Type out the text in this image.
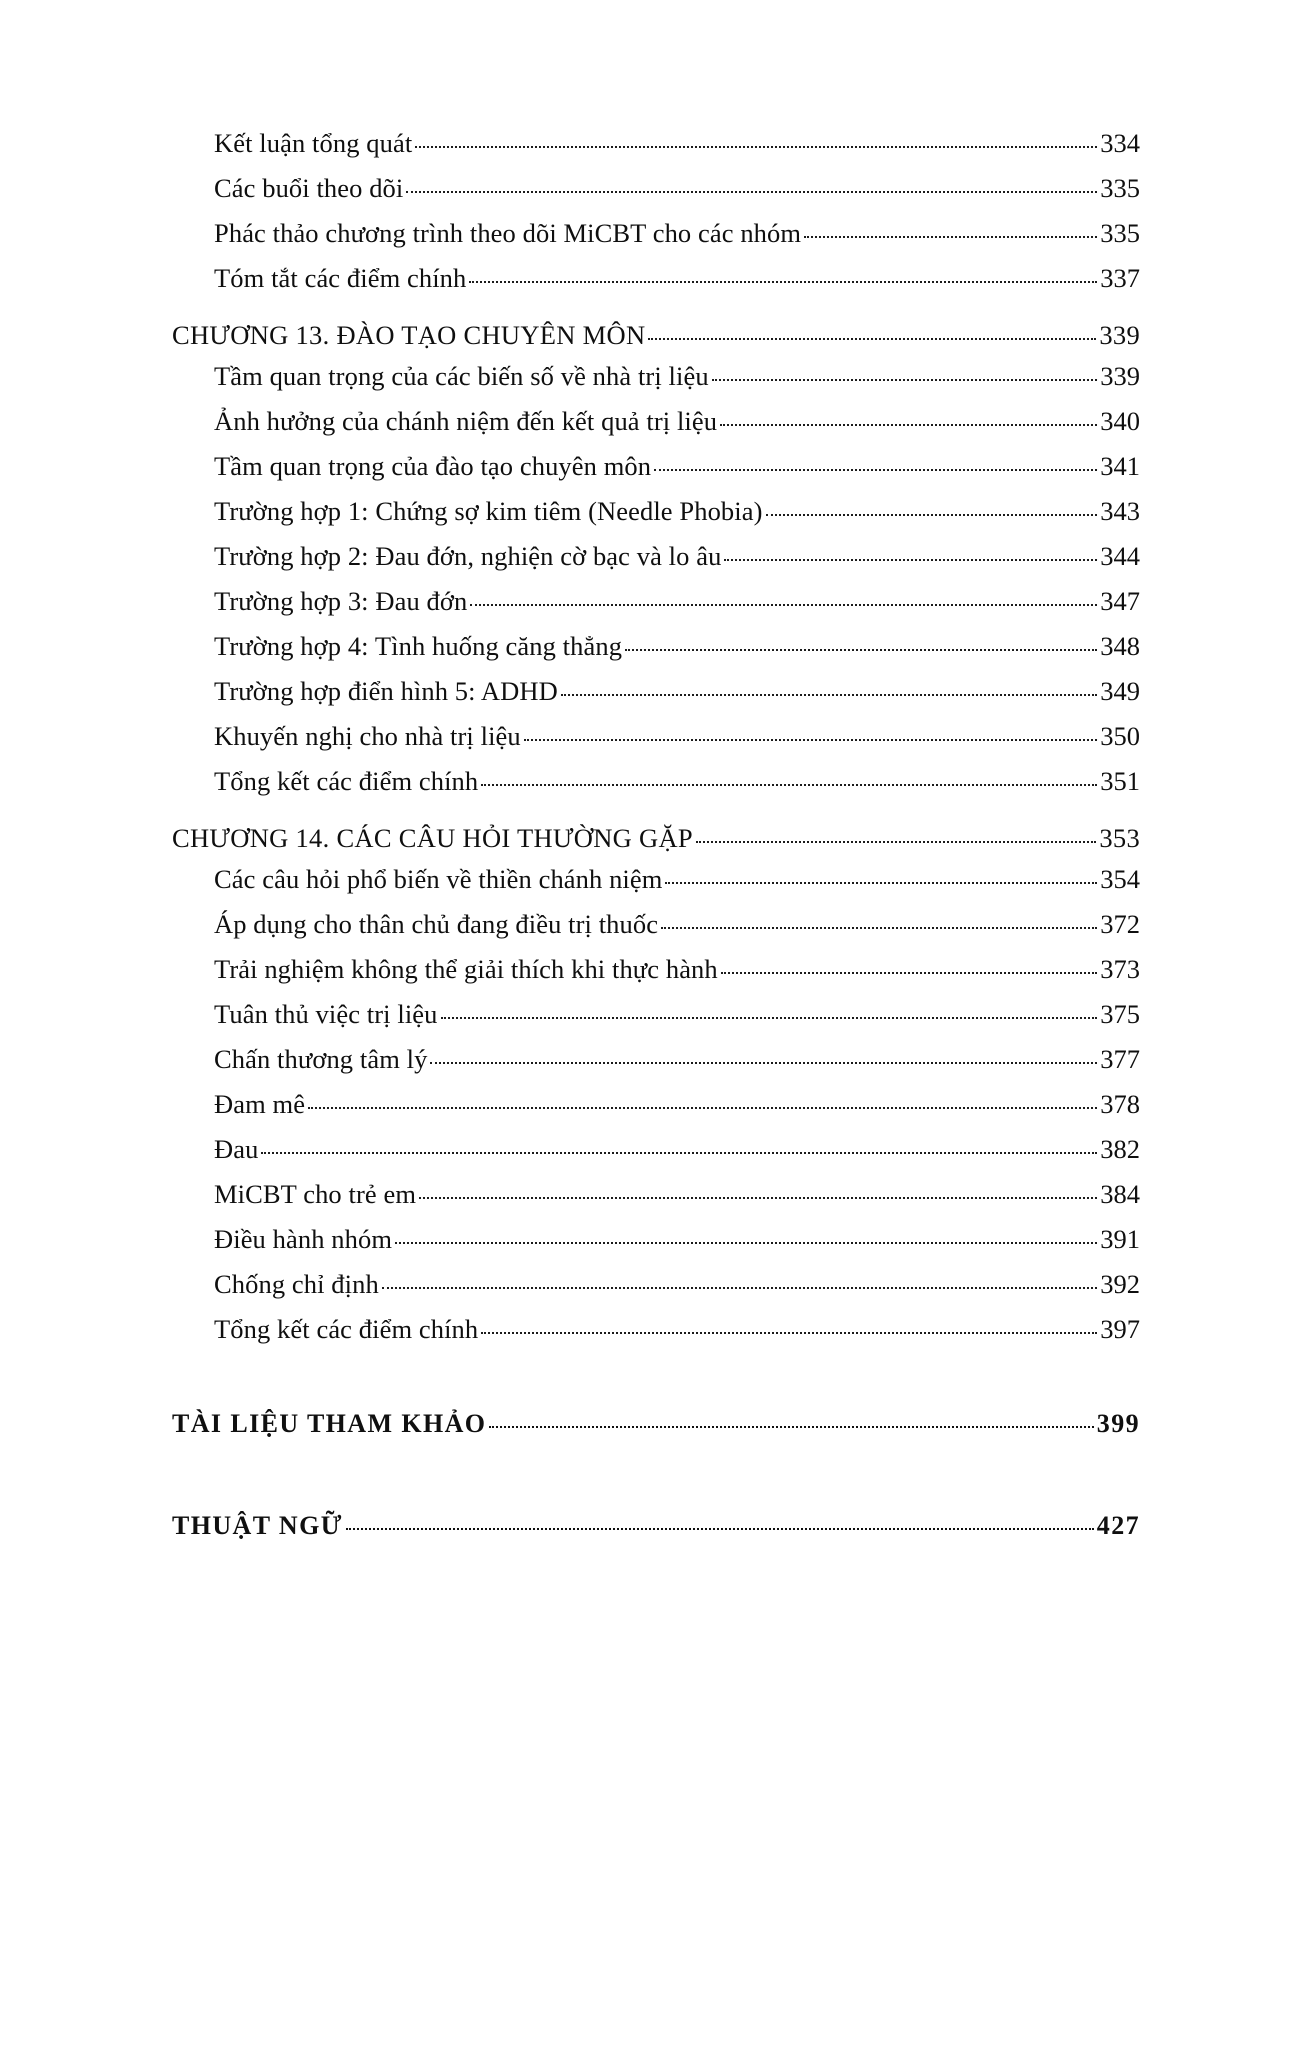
Kết luận tổng quát	334
Các buổi theo dõi	335
Phác thảo chương trình theo dõi MiCBT cho các nhóm	335
Tóm tắt các điểm chính	337
CHƯƠNG 13. ĐÀO TẠO CHUYÊN MÔN	339
Tầm quan trọng của các biến số về nhà trị liệu	339
Ảnh hưởng của chánh niệm đến kết quả trị liệu	340
Tầm quan trọng của đào tạo chuyên môn	341
Trường hợp 1: Chứng sợ kim tiêm (Needle Phobia)	343
Trường hợp 2: Đau đớn, nghiện cờ bạc và lo âu	344
Trường hợp 3: Đau đớn	347
Trường hợp 4: Tình huống căng thẳng	348
Trường hợp điển hình 5: ADHD	349
Khuyến nghị cho nhà trị liệu	350
Tổng kết các điểm chính	351
CHƯƠNG 14. CÁC CÂU HỎI THƯỜNG GẶP	353
Các câu hỏi phổ biến về thiền chánh niệm	354
Áp dụng cho thân chủ đang điều trị thuốc	372
Trải nghiệm không thể giải thích khi thực hành	373
Tuân thủ việc trị liệu	375
Chấn thương tâm lý	377
Đam mê	378
Đau	382
MiCBT cho trẻ em	384
Điều hành nhóm	391
Chống chỉ định	392
Tổng kết các điểm chính	397
TÀI LIỆU THAM KHẢO	399
THUẬT NGỮ	427
